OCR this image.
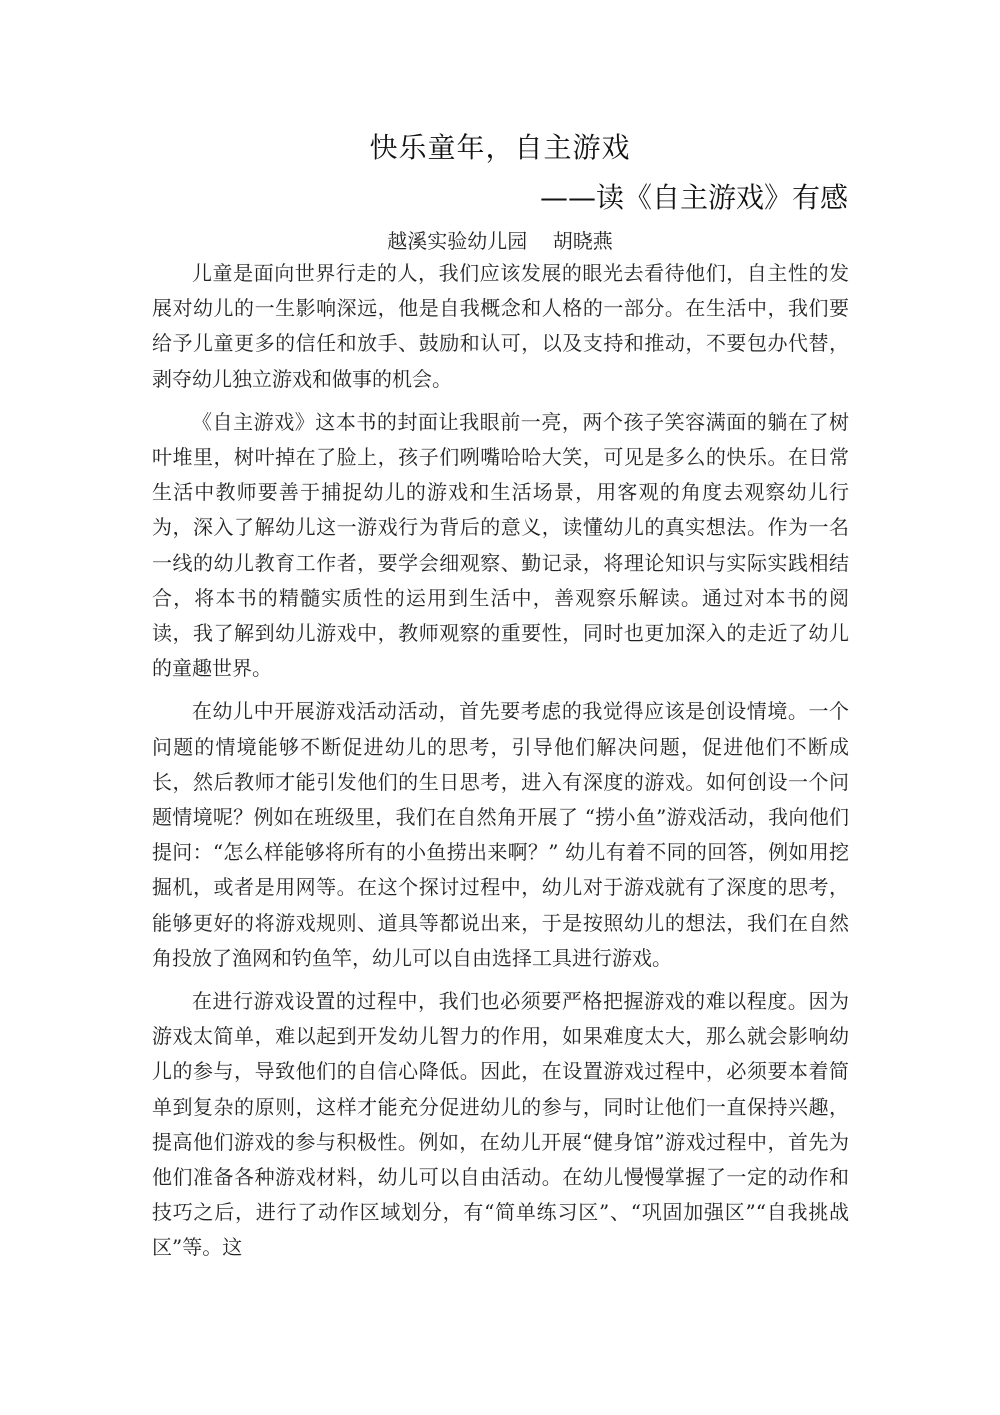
快乐童年，自主游戏
——读《自主游戏》有感
越溪实验幼儿园    胡晓燕

儿童是面向世界行走的人，我们应该发展的眼光去看待他们，自主性的发展对幼儿的一生影响深远，他是自我概念和人格的一部分。在生活中，我们要给予儿童更多的信任和放手、鼓励和认可，以及支持和推动，不要包办代替，剥夺幼儿独立游戏和做事的机会。

《自主游戏》这本书的封面让我眼前一亮，两个孩子笑容满面的躺在了树叶堆里，树叶掉在了脸上，孩子们咧嘴哈哈大笑，可见是多么的快乐。在日常生活中教师要善于捕捉幼儿的游戏和生活场景，用客观的角度去观察幼儿行为，深入了解幼儿这一游戏行为背后的意义，读懂幼儿的真实想法。作为一名一线的幼儿教育工作者，要学会细观察、勤记录，将理论知识与实际实践相结合，将本书的精髓实质性的运用到生活中，善观察乐解读。通过对本书的阅读，我了解到幼儿游戏中，教师观察的重要性，同时也更加深入的走近了幼儿的童趣世界。

在幼儿中开展游戏活动活动，首先要考虑的我觉得应该是创设情境。一个问题的情境能够不断促进幼儿的思考，引导他们解决问题，促进他们不断成长，然后教师才能引发他们的生日思考，进入有深度的游戏。如何创设一个问题情境呢？例如在班级里，我们在自然角开展了 “捞小鱼”游戏活动，我向他们提问：“怎么样能够将所有的小鱼捞出来啊？” 幼儿有着不同的回答，例如用挖掘机，或者是用网等。在这个探讨过程中，幼儿对于游戏就有了深度的思考，能够更好的将游戏规则、道具等都说出来，于是按照幼儿的想法，我们在自然角投放了渔网和钓鱼竿，幼儿可以自由选择工具进行游戏。

在进行游戏设置的过程中，我们也必须要严格把握游戏的难以程度。因为游戏太简单，难以起到开发幼儿智力的作用，如果难度太大，那么就会影响幼儿的参与，导致他们的自信心降低。因此，在设置游戏过程中，必须要本着简单到复杂的原则，这样才能充分促进幼儿的参与，同时让他们一直保持兴趣，提高他们游戏的参与积极性。例如，在幼儿开展“健身馆”游戏过程中，首先为他们准备各种游戏材料，幼儿可以自由活动。在幼儿慢慢掌握了一定的动作和技巧之后，进行了动作区域划分，有“简单练习区”、“巩固加强区”“自我挑战区”等。这
